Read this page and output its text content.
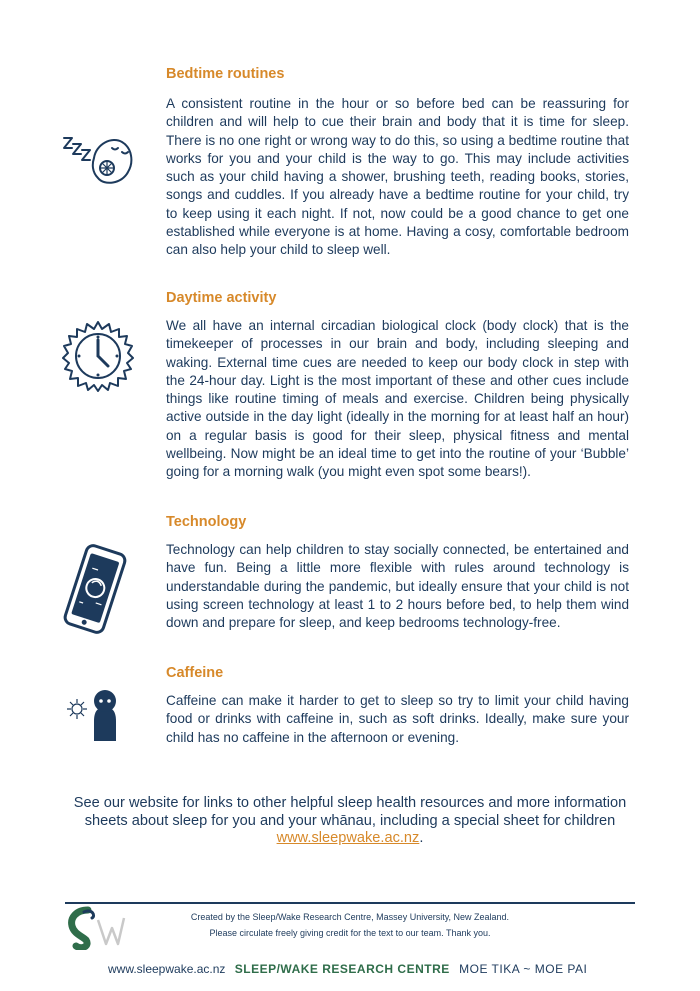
Bedtime routines

A consistent routine in the hour or so before bed can be reassuring for children and will help to cue their brain and body that it is time for sleep. There is no one right or wrong way to do this, so using a bedtime routine that works for you and your child is the way to go. This may include activities such as your child having a shower, brushing teeth, reading books, stories, songs and cuddles. If you already have a bedtime routine for your child, try to keep using it each night. If not, now could be a good chance to get one established while everyone is at home. Having a cosy, comfortable bedroom can also help your child to sleep well.

Daytime activity

We all have an internal circadian biological clock (body clock) that is the timekeeper of processes in our brain and body, including sleeping and waking. External time cues are needed to keep our body clock in step with the 24-hour day. Light is the most important of these and other cues include things like routine timing of meals and exercise. Children being physically active outside in the day light (ideally in the morning for at least half an hour) on a regular basis is good for their sleep, physical fitness and mental wellbeing. Now might be an ideal time to get into the routine of your ‘Bubble’ going for a morning walk (you might even spot some bears!).

Technology

Technology can help children to stay socially connected, be entertained and have fun. Being a little more flexible with rules around technology is understandable during the pandemic, but ideally ensure that your child is not using screen technology at least 1 to 2 hours before bed, to help them wind down and prepare for sleep, and keep bedrooms technology-free.

Caffeine

Caffeine can make it harder to get to sleep so try to limit your child having food or drinks with caffeine in, such as soft drinks. Ideally, make sure your child has no caffeine in the afternoon or evening.

See our website for links to other helpful sleep health resources and more information sheets about sleep for you and your whānau, including a special sheet for children www.sleepwake.ac.nz.
Created by the Sleep/Wake Research Centre, Massey University, New Zealand.
Please circulate freely giving credit for the text to our team. Thank you.
www.sleepwake.ac.nz SLEEP/WAKE RESEARCH CENTRE MOE TIKA ~ MOE PAI
